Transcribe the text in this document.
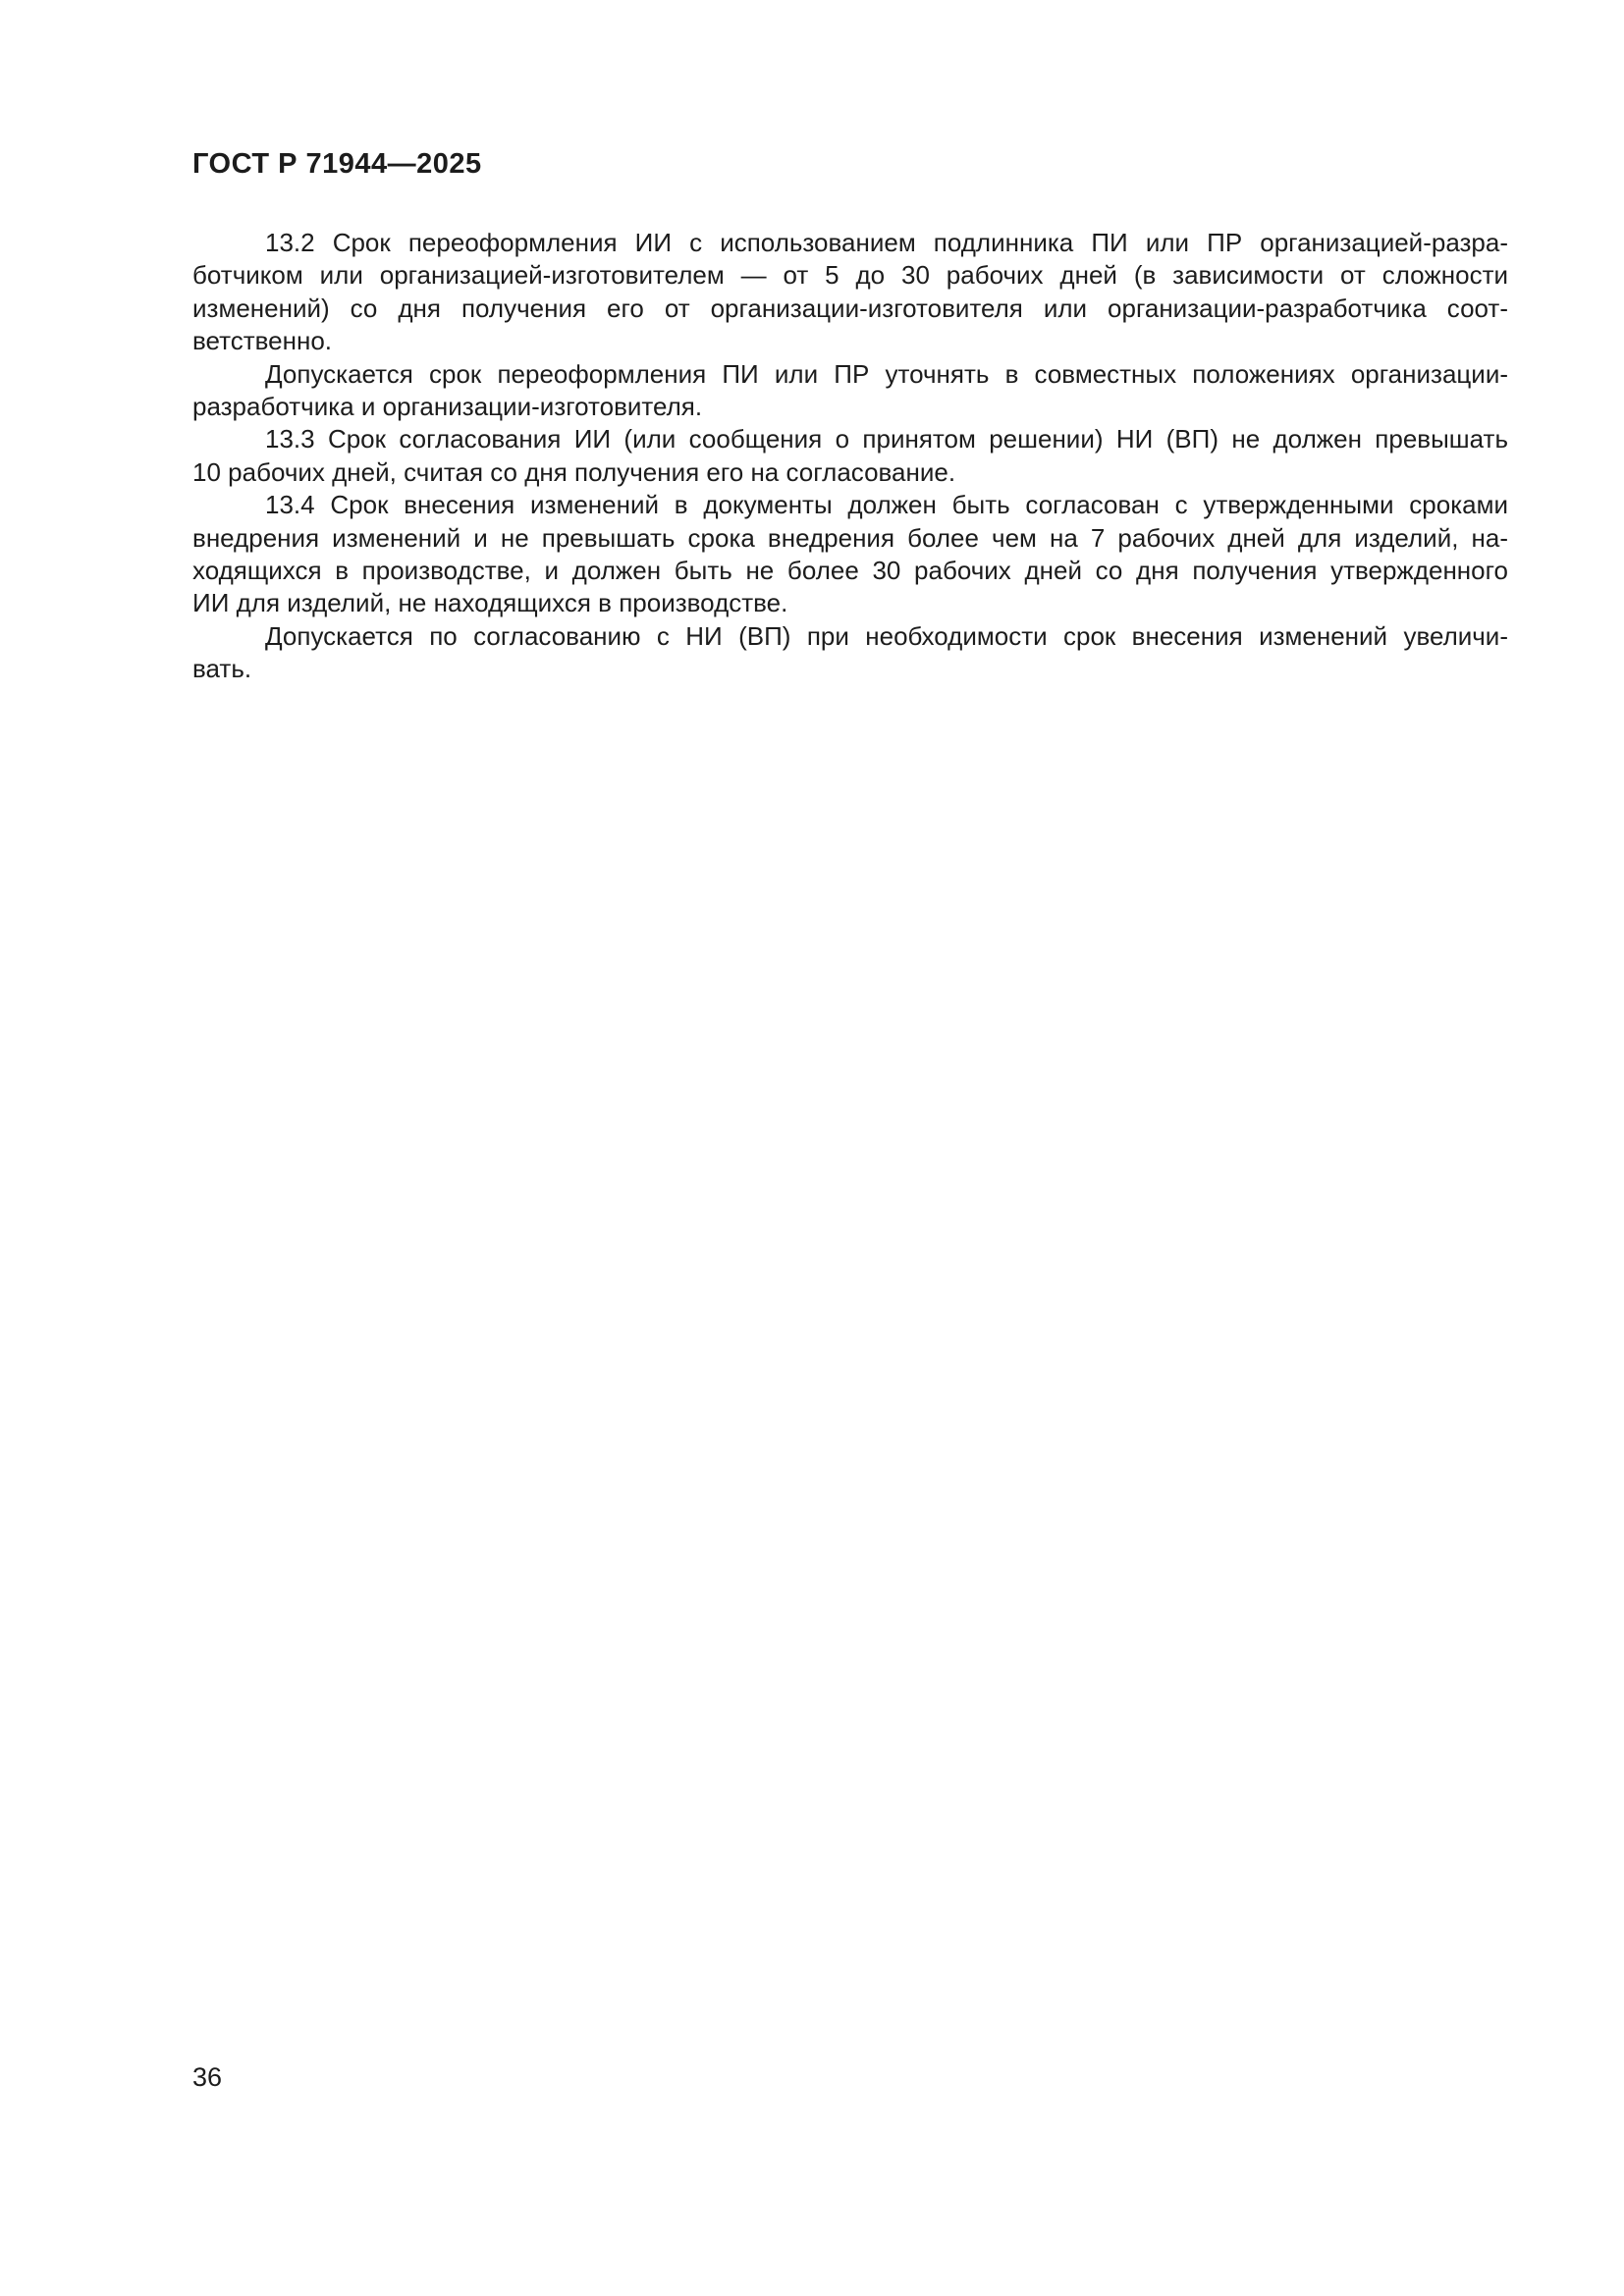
ГОСТ Р 71944—2025
13.2 Срок переоформления ИИ с использованием подлинника ПИ или ПР организацией-разра-
ботчиком или организацией-изготовителем — от 5 до 30 рабочих дней (в зависимости от сложности
изменений) со дня получения его от организации-изготовителя или организации-разработчика соот-
ветственно.
Допускается срок переоформления ПИ или ПР уточнять в совместных положениях организации-
разработчика и организации-изготовителя.
13.3 Срок согласования ИИ (или сообщения о принятом решении) НИ (ВП) не должен превышать
10 рабочих дней, считая со дня получения его на согласование.
13.4 Срок внесения изменений в документы должен быть согласован с утвержденными сроками
внедрения изменений и не превышать срока внедрения более чем на 7 рабочих дней для изделий, на-
ходящихся в производстве, и должен быть не более 30 рабочих дней со дня получения утвержденного
ИИ для изделий, не находящихся в производстве.
Допускается по согласованию с НИ (ВП) при необходимости срок внесения изменений увеличи-
вать.
36
